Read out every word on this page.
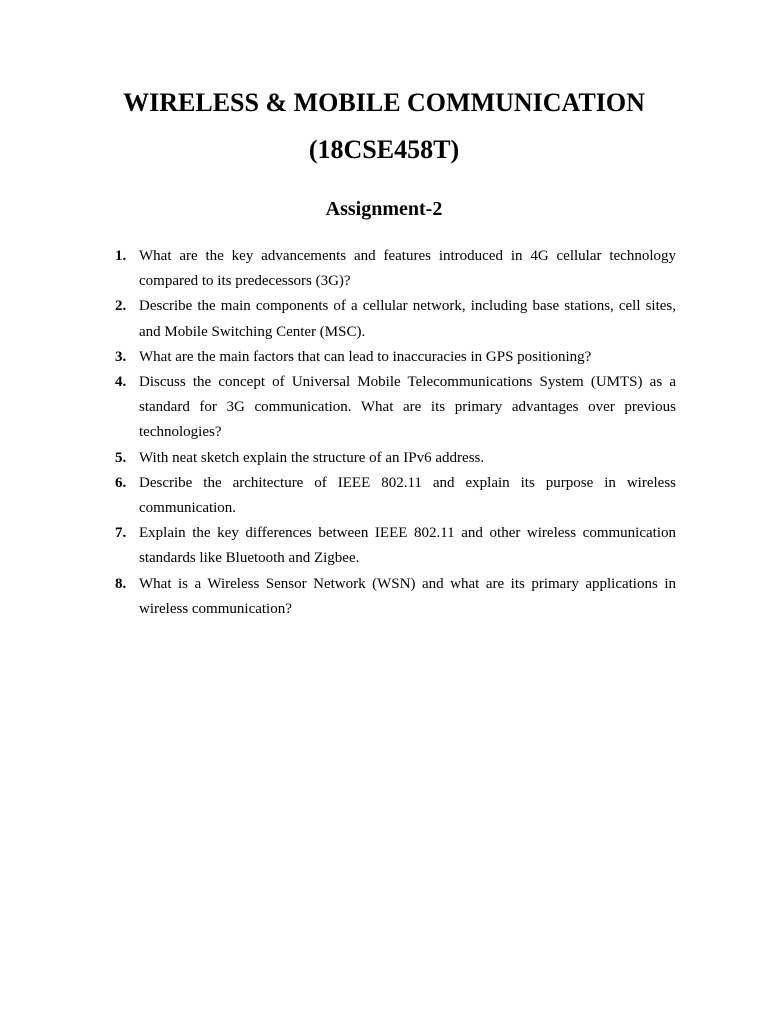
WIRELESS & MOBILE COMMUNICATION
(18CSE458T)
Assignment-2
1. What are the key advancements and features introduced in 4G cellular technology compared to its predecessors (3G)?
2. Describe the main components of a cellular network, including base stations, cell sites, and Mobile Switching Center (MSC).
3. What are the main factors that can lead to inaccuracies in GPS positioning?
4. Discuss the concept of Universal Mobile Telecommunications System (UMTS) as a standard for 3G communication. What are its primary advantages over previous technologies?
5. With neat sketch explain the structure of an IPv6 address.
6. Describe the architecture of IEEE 802.11 and explain its purpose in wireless communication.
7. Explain the key differences between IEEE 802.11 and other wireless communication standards like Bluetooth and Zigbee.
8. What is a Wireless Sensor Network (WSN) and what are its primary applications in wireless communication?
